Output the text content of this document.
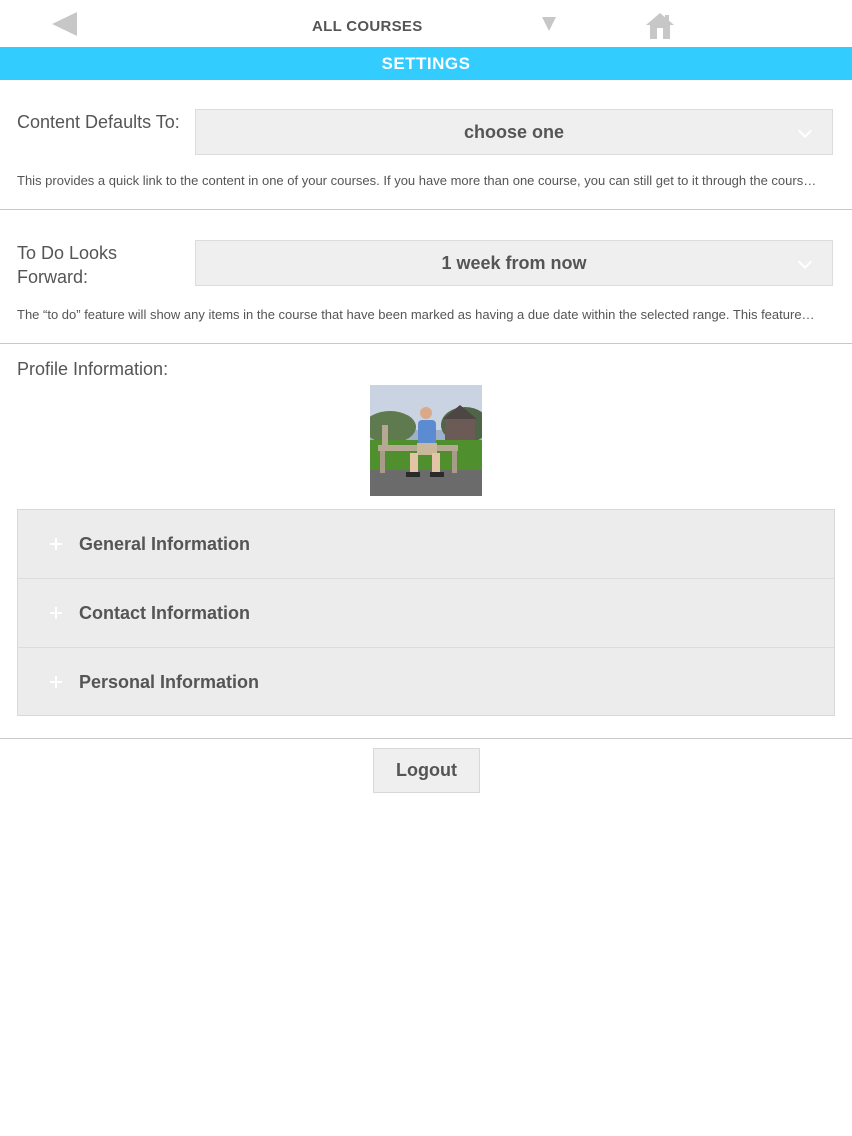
ALL COURSES
SETTINGS
Content Defaults To:	choose one
This provides a quick link to the content in one of your courses. If you have more than one course, you can still get to it through the cours…
To Do Looks
Forward:
1 week from now
The “to do” feature will show any items in the course that have been marked as having a due date within the selected range. This feature…
Profile Information:
General Information
Contact Information
Personal Information
Logout
